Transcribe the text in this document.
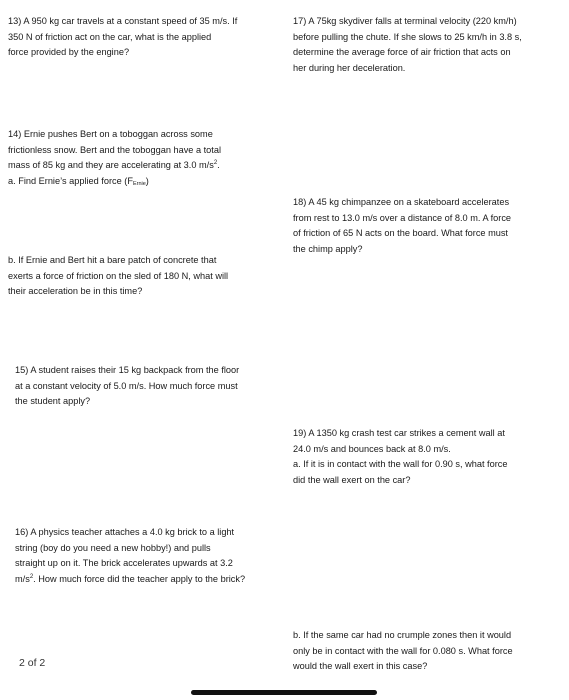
13) A 950 kg car travels at a constant speed of 35 m/s. If
350 N of friction act on the car, what is the applied
force provided by the engine?
14) Ernie pushes Bert on a toboggan across some
frictionless snow. Bert and the toboggan have a total
mass of 85 kg and they are accelerating at 3.0 $m/s^2$.
a. Find Ernie’s applied force $(F_{Ernie})$
b. If Ernie and Bert hit a bare patch of concrete that
exerts a force of friction on the sled of 180 N, what will
their acceleration be in this time?
15) A student raises their 15 kg backpack from the floor
at a constant velocity of 5.0 m/s. How much force must
the student apply?
16) A physics teacher attaches a 4.0 kg brick to a light
string (boy do you need a new hobby!) and pulls
straight up on it. The brick accelerates upwards at 3.2
$m/s^2$. How much force did the teacher apply to the brick?
17) A 75kg skydiver falls at terminal velocity (220 km/h)
before pulling the chute. If she slows to 25 km/h in 3.8 s,
determine the average force of air friction that acts on
her during her deceleration.
18) A 45 kg chimpanzee on a skateboard accelerates
from rest to 13.0 m/s over a distance of 8.0 m. A force
of friction of 65 N acts on the board. What force must
the chimp apply?
19) A 1350 kg crash test car strikes a cement wall at
24.0 m/s and bounces back at 8.0 m/s.
a. If it is in contact with the wall for 0.90 s, what force
did the wall exert on the car?
b. If the same car had no crumple zones then it would
only be in contact with the wall for 0.080 s. What force
would the wall exert in this case?
2 of 2
